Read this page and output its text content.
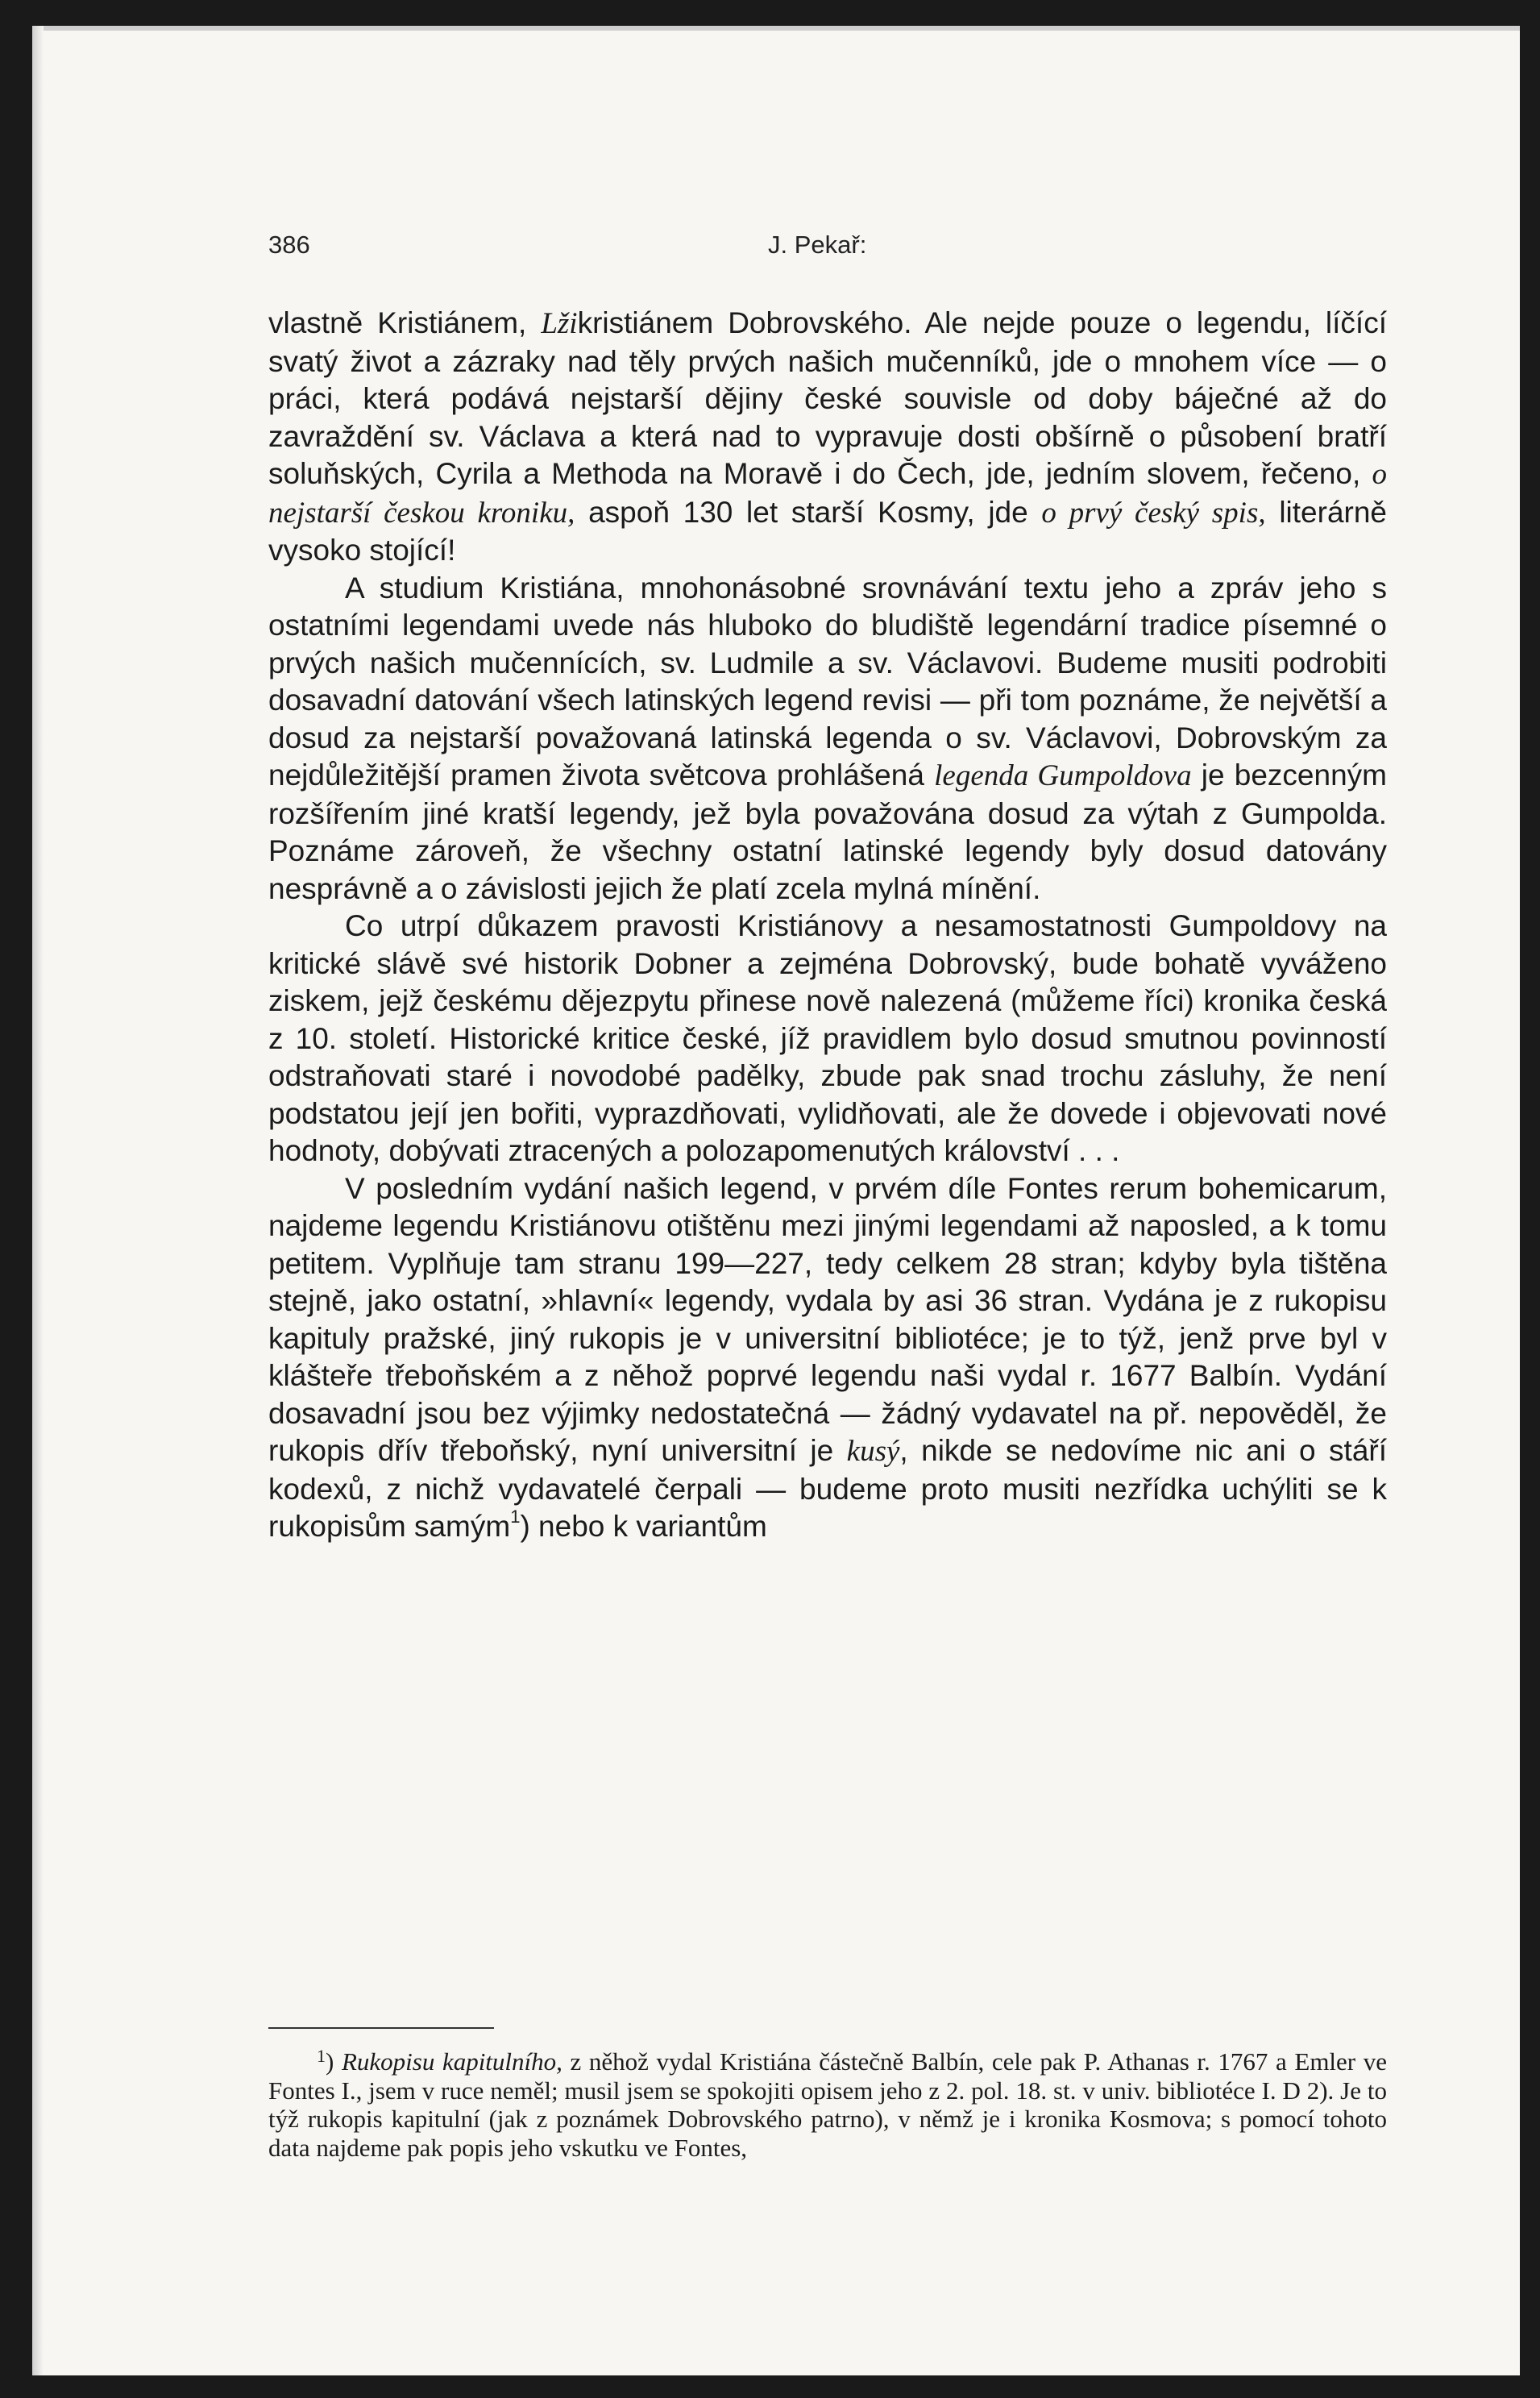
386	J. Pekař:

vlastně Kristiánem, Lžikristiánem Dobrovského. Ale nejde pouze o legendu, líčící svatý život a zázraky nad těly prvých našich mučenníků, jde o mnohem více — o práci, která podává nejstarší dějiny české souvisle od doby báječné až do zavraždění sv. Václava a která nad to vypravuje dosti obšírně o působení bratří soluňských, Cyrila a Methoda na Moravě i do Čech, jde, jedním slovem, řečeno, o nejstarší českou kroniku, aspoň 130 let starší Kosmy, jde o prvý český spis, literárně vysoko stojící!

A studium Kristiána, mnohonásobné srovnávání textu jeho a zpráv jeho s ostatními legendami uvede nás hluboko do bludiště legendární tradice písemné o prvých našich mučennících, sv. Ludmile a sv. Václavovi. Budeme musiti podrobiti dosavadní datování všech latinských legend revisi — při tom poznáme, že největší a dosud za nejstarší považovaná latinská legenda o sv. Václavovi, Dobrovským za nejdůležitější pramen života světcova prohlášená legenda Gumpoldova je bezcenným rozšířením jiné kratší legendy, jež byla považována dosud za výtah z Gumpolda. Poznáme zároveň, že všechny ostatní latinské legendy byly dosud datovány nesprávně a o závislosti jejich že platí zcela mylná mínění.

Co utrpí důkazem pravosti Kristiánovy a nesamostatnosti Gumpoldovy na kritické slávě své historik Dobner a zejména Dobrovský, bude bohatě vyváženo ziskem, jejž českému dějezpytu přinese nově nalezená (můžeme říci) kronika česká z 10. století. Historické kritice české, jíž pravidlem bylo dosud smutnou povinností odstraňovati staré i novodobé padělky, zbude pak snad trochu zásluhy, že není podstatou její jen bořiti, vyprazdňovati, vylidňovati, ale že dovede i objevovati nové hodnoty, dobývati ztracených a polozapomenutých království . . .

V posledním vydání našich legend, v prvém díle Fontes rerum bohemicarum, najdeme legendu Kristiánovu otištěnu mezi jinými legendami až naposled, a k tomu petitem. Vyplňuje tam stranu 199—227, tedy celkem 28 stran; kdyby byla tištěna stejně, jako ostatní, »hlavní« legendy, vydala by asi 36 stran. Vydána je z rukopisu kapituly pražské, jiný rukopis je v universitní bibliotéce; je to týž, jenž prve byl v klášteře třeboňském a z něhož poprvé legendu naši vydal r. 1677 Balbín. Vydání dosavadní jsou bez výjimky nedostatečná — žádný vydavatel na př. nepověděl, že rukopis dřív třeboňský, nyní universitní je kusý, nikde se nedovíme nic ani o stáří kodexů, z nichž vydavatelé čerpali — budeme proto musiti nezřídka uchýliti se k rukopisům samým$^1$) nebo k variantům

$^1$) Rukopisu kapitulního, z něhož vydal Kristiána částečně Balbín, cele pak P. Athanas r. 1767 a Emler ve Fontes I., jsem v ruce neměl; musil jsem se spokojiti opisem jeho z 2. pol. 18. st. v univ. bibliotéce I. D 2). Je to týž rukopis kapitulní (jak z poznámek Dobrovského patrno), v němž je i kronika Kosmova; s pomocí tohoto data najdeme pak popis jeho vskutku ve Fontes,
